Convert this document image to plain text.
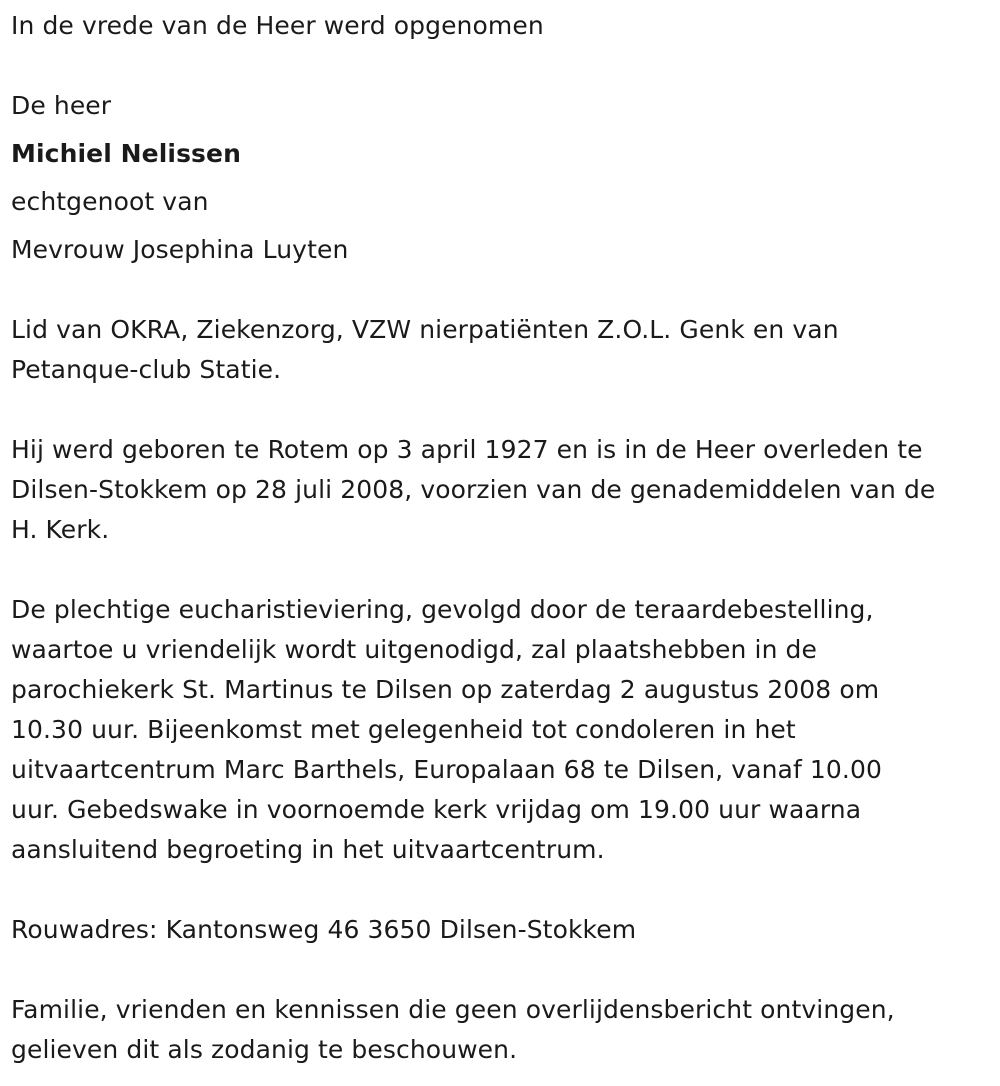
In de vrede van de Heer werd opgenomen
De heer
Michiel Nelissen
echtgenoot van
Mevrouw Josephina Luyten
Lid van OKRA, Ziekenzorg, VZW nierpatiënten Z.O.L. Genk en van
Petanque-club Statie.
Hij werd geboren te Rotem op 3 april 1927 en is in de Heer overleden te
Dilsen-Stokkem op 28 juli 2008, voorzien van de genademiddelen van de
H. Kerk.
De plechtige eucharistieviering, gevolgd door de teraardebestelling,
waartoe u vriendelijk wordt uitgenodigd, zal plaatshebben in de
parochiekerk St. Martinus te Dilsen op zaterdag 2 augustus 2008 om
10.30 uur. Bijeenkomst met gelegenheid tot condoleren in het
uitvaartcentrum Marc Barthels, Europalaan 68 te Dilsen, vanaf 10.00
uur. Gebedswake in voornoemde kerk vrijdag om 19.00 uur waarna
aansluitend begroeting in het uitvaartcentrum.
Rouwadres: Kantonsweg 46 3650 Dilsen-Stokkem
Familie, vrienden en kennissen die geen overlijdensbericht ontvingen,
gelieven dit als zodanig te beschouwen.
